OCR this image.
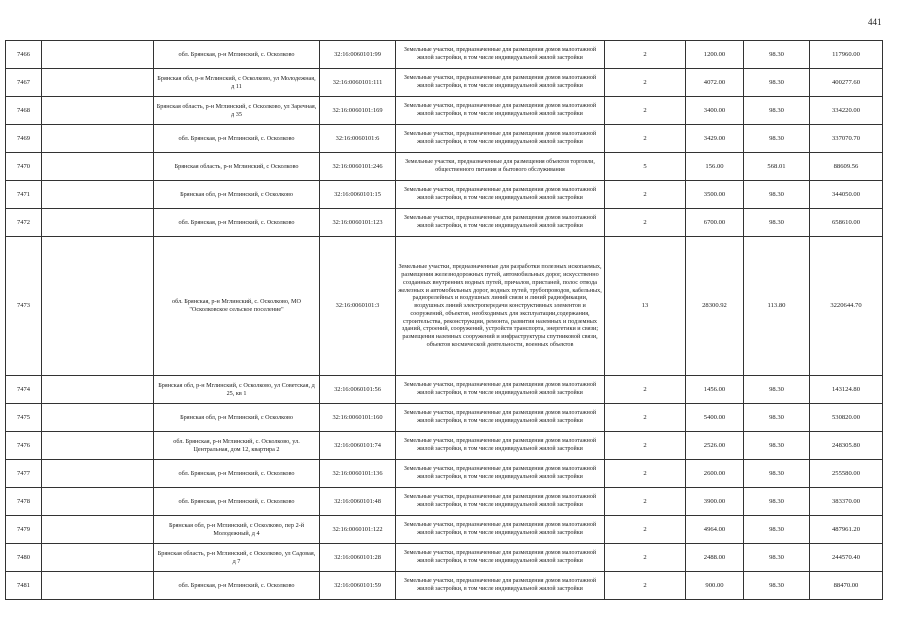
441
7466		обл. Брянская, р-н Мглинский, с. Осколково	32:16:0060101:99	Земельные участки, предназначенные для размещения домов малоэтажной жилой застройки, в том числе индивидуальной жилой застройки	2	1200.00	98.30	117960.00
7467		Брянская обл, р-н Мглинский, с Осколково, ул Молодежная, д 11	32:16:0060101:111	Земельные участки, предназначенные для размещения домов малоэтажной жилой застройки, в том числе индивидуальной жилой застройки	2	4072.00	98.30	400277.60
7468		Брянская область, р-н Мглинский, с Осколково, ул Заречная, д 35	32:16:0060101:169	Земельные участки, предназначенные для размещения домов малоэтажной жилой застройки, в том числе индивидуальной жилой застройки	2	3400.00	98.30	334220.00
7469		обл. Брянская, р-н Мглинский, с. Осколково	32:16:0060101:6	Земельные участки, предназначенные для размещения домов малоэтажной жилой застройки, в том числе индивидуальной жилой застройки	2	3429.00	98.30	337070.70
7470		Брянская область, р-н Мглинский, с Осколково	32:16:0060101:246	Земельные участки, предназначенные для размещения объектов торговли, общественного питания и бытового обслуживания	5	156.00	568.01	88609.56
7471		Брянская обл, р-н Мглинский, с Осколково	32:16:0060101:15	Земельные участки, предназначенные для размещения домов малоэтажной жилой застройки, в том числе индивидуальной жилой застройки	2	3500.00	98.30	344050.00
7472		обл. Брянская, р-н Мглинский, с. Осколково	32:16:0060101:123	Земельные участки, предназначенные для размещения домов малоэтажной жилой застройки, в том числе индивидуальной жилой застройки	2	6700.00	98.30	658610.00
7473		обл. Брянская, р-н Мглинский, с. Осколково, МО "Осколковское сельское поселение"	32:16:0060101:3	Земельные участки, предназначенные для разработки полезных ископаемых, размещения железнодорожных путей, автомобильных дорог, искусственно созданных внутренних водных путей, причалов, пристаней, полос отвода железных и автомобильных дорог, водных путей, трубопроводов, кабельных, радиорелейных и воздушных линий связи и линий радиофикации, воздушных линий электропередачи конструктивных элементов и сооружений, объектов, необходимых для эксплуатации,содержания, строительства, реконструкции, ремонта, развития наземных и подземных зданий, строений, сооружений, устройств транспорта, энергетики и связи; размещения наземных сооружений и инфраструктуры спутниковой связи, объектов космической деятельности, военных объектов	13	28300.92	113.80	3220644.70
7474		Брянская обл, р-н Мглинский, с Осколково, ул Советская, д 25, кв 1	32:16:0060101:56	Земельные участки, предназначенные для размещения домов малоэтажной жилой застройки, в том числе индивидуальной жилой застройки	2	1456.00	98.30	143124.80
7475		Брянская обл, р-н Мглинский, с Осколково	32:16:0060101:160	Земельные участки, предназначенные для размещения домов малоэтажной жилой застройки, в том числе индивидуальной жилой застройки	2	5400.00	98.30	530820.00
7476		обл. Брянская, р-н Мглинский, с. Осколково, ул. Центральная, дом 12, квартира 2	32:16:0060101:74	Земельные участки, предназначенные для размещения домов малоэтажной жилой застройки, в том числе индивидуальной жилой застройки	2	2526.00	98.30	248305.80
7477		обл. Брянская, р-н Мглинский, с. Осколково	32:16:0060101:136	Земельные участки, предназначенные для размещения домов малоэтажной жилой застройки, в том числе индивидуальной жилой застройки	2	2600.00	98.30	255580.00
7478		обл. Брянская, р-н Мглинский, с. Осколково	32:16:0060101:48	Земельные участки, предназначенные для размещения домов малоэтажной жилой застройки, в том числе индивидуальной жилой застройки	2	3900.00	98.30	383370.00
7479		Брянская обл, р-н Мглинский, с Осколково, пер 2-й Молодежный, д 4	32:16:0060101:122	Земельные участки, предназначенные для размещения домов малоэтажной жилой застройки, в том числе индивидуальной жилой застройки	2	4964.00	98.30	487961.20
7480		Брянская область, р-н Мглинский, с Осколково, ул Садовая, д 7	32:16:0060101:28	Земельные участки, предназначенные для размещения домов малоэтажной жилой застройки, в том числе индивидуальной жилой застройки	2	2488.00	98.30	244570.40
7481		обл. Брянская, р-н Мглинский, с. Осколково	32:16:0060101:59	Земельные участки, предназначенные для размещения домов малоэтажной жилой застройки, в том числе индивидуальной жилой застройки	2	900.00	98.30	88470.00
